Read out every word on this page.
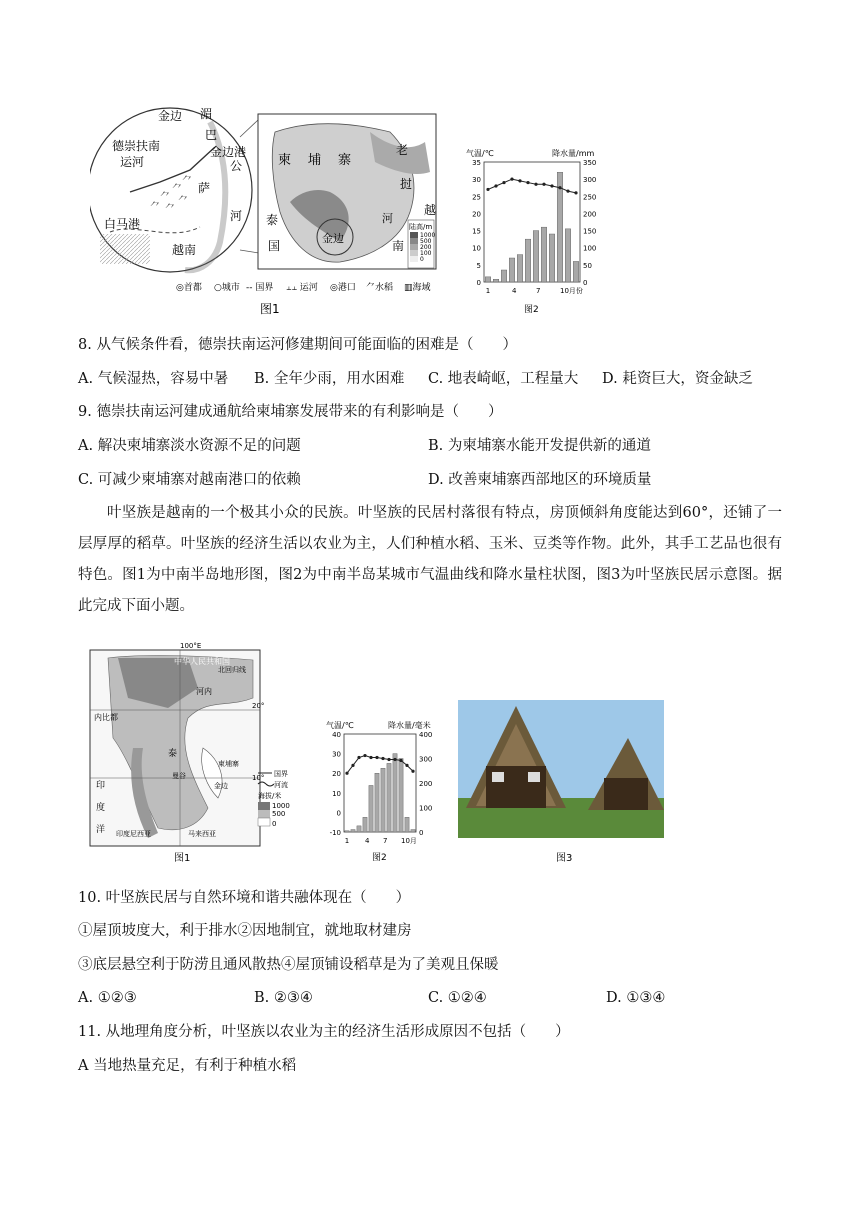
金边 湄
德崇扶南
运河
金边港
巴
萨
公
白马港
越南
河
⺈
⺈
⺈
⺈ ⺈
⺈
柬 埔 寨
老
挝
泰
国
越
南
河
金边
陆高/m
1000
500
200
100
0
◎首都 ○城市 -- 国界 ⫠⫠ 运河 ◎港口 ⺈水稻 ▥海域
图1
气温/℃	降水量/mm
35
30
25
20
15
10
5
0
350
300
250
200
150
100
50
0
1	4	7	10月份
图2
8. 从气候条件看，德崇扶南运河修建期间可能面临的困难是（　　）
A. 气候湿热，容易中暑 B. 全年少雨，用水困难 C. 地表崎岖，工程量大 D. 耗资巨大，资金缺乏
9. 德崇扶南运河建成通航给柬埔寨发展带来的有利影响是（　　）
A. 解决柬埔寨淡水资源不足的问题	B. 为柬埔寨水能开发提供新的通道
C. 可减少柬埔寨对越南港口的依赖	D. 改善柬埔寨西部地区的环境质量
叶坚族是越南的一个极其小众的民族。叶坚族的民居村落很有特点，房顶倾斜角度能达到60°，还铺了一层厚厚的稻草。叶坚族的经济生活以农业为主，人们种植水稻、玉米、豆类等作物。此外，其手工艺品也很有特色。图1为中南半岛地形图，图2为中南半岛某城市气温曲线和降水量柱状图，图3为叶坚族民居示意图。据此完成下面小题。
100°E
中华人民共和国
北回归线
20°
河内
内比都
泰
柬埔寨
金边
曼谷	10°
印
度
洋 印度尼西亚	马来西亚
国界
河流
海拔/米
1000
500
0
图1	图3
气温/℃	降水量/毫米
40
30
20
10
0
-10
400
300
200
100
0
1 4 7 10月
图2
10. 叶坚族民居与自然环境和谐共融体现在（　　）
①屋顶坡度大，利于排水②因地制宜，就地取材建房
③底层悬空利于防涝且通风散热④屋顶铺设稻草是为了美观且保暖
A. ①②③	B. ②③④	C. ①②④	D. ①③④
11. 从地理角度分析，叶坚族以农业为主的经济生活形成原因不包括（　　）
A 当地热量充足，有利于种植水稻
